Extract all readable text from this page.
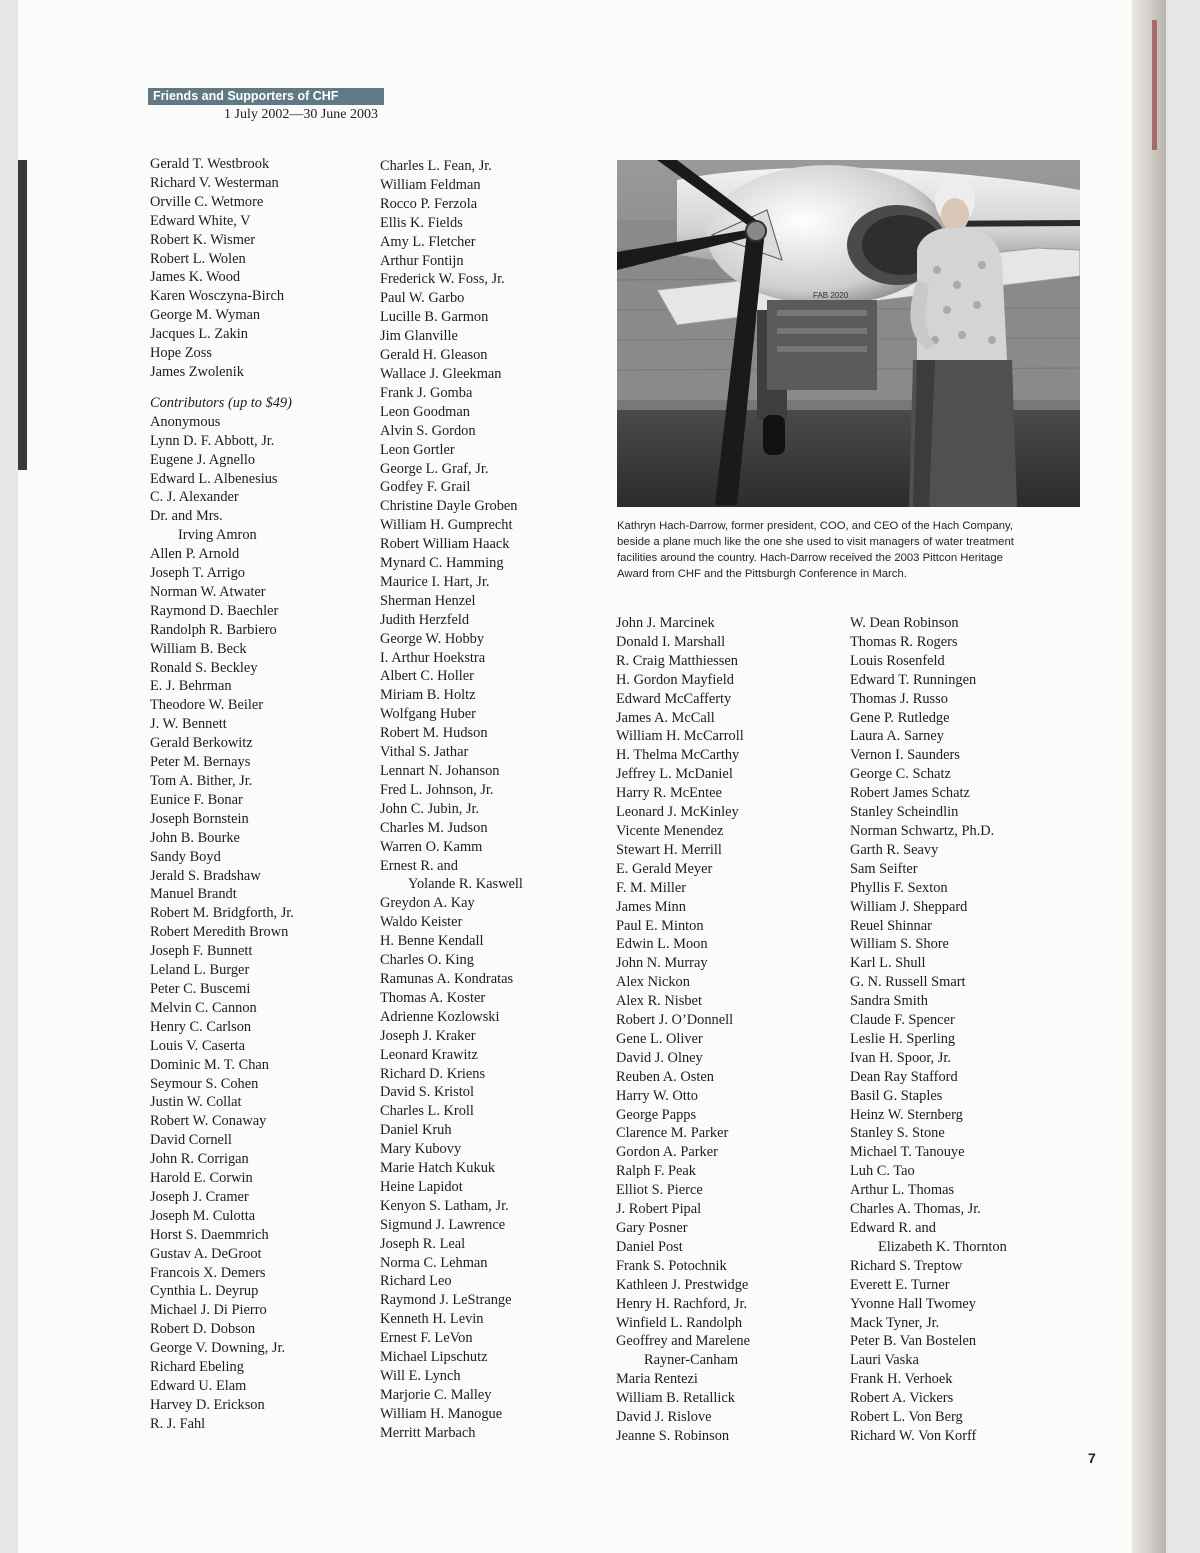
Friends and Supporters of CHF
1 July 2002—30 June 2003
Gerald T. Westbrook
Richard V. Westerman
Orville C. Wetmore
Edward White, V
Robert K. Wismer
Robert L. Wolen
James K. Wood
Karen Wosczyna-Birch
George M. Wyman
Jacques L. Zakin
Hope Zoss
James Zwolenik
Contributors (up to $49)
Anonymous
Lynn D. F. Abbott, Jr.
Eugene J. Agnello
Edward L. Albenesius
C. J. Alexander
Dr. and Mrs.
Irving Amron
Allen P. Arnold
Joseph T. Arrigo
Norman W. Atwater
Raymond D. Baechler
Randolph R. Barbiero
William B. Beck
Ronald S. Beckley
E. J. Behrman
Theodore W. Beiler
J. W. Bennett
Gerald Berkowitz
Peter M. Bernays
Tom A. Bither, Jr.
Eunice F. Bonar
Joseph Bornstein
John B. Bourke
Sandy Boyd
Jerald S. Bradshaw
Manuel Brandt
Robert M. Bridgforth, Jr.
Robert Meredith Brown
Joseph F. Bunnett
Leland L. Burger
Peter C. Buscemi
Melvin C. Cannon
Henry C. Carlson
Louis V. Caserta
Dominic M. T. Chan
Seymour S. Cohen
Justin W. Collat
Robert W. Conaway
David Cornell
John R. Corrigan
Harold E. Corwin
Joseph J. Cramer
Joseph M. Culotta
Horst S. Daemmrich
Gustav A. DeGroot
Francois X. Demers
Cynthia L. Deyrup
Michael J. Di Pierro
Robert D. Dobson
George V. Downing, Jr.
Richard Ebeling
Edward U. Elam
Harvey D. Erickson
R. J. Fahl
Charles L. Fean, Jr.
William Feldman
Rocco P. Ferzola
Ellis K. Fields
Amy L. Fletcher
Arthur Fontijn
Frederick W. Foss, Jr.
Paul W. Garbo
Lucille B. Garmon
Jim Glanville
Gerald H. Gleason
Wallace J. Gleekman
Frank J. Gomba
Leon Goodman
Alvin S. Gordon
Leon Gortler
George L. Graf, Jr.
Godfey F. Grail
Christine Dayle Groben
William H. Gumprecht
Robert William Haack
Mynard C. Hamming
Maurice I. Hart, Jr.
Sherman Henzel
Judith Herzfeld
George W. Hobby
I. Arthur Hoekstra
Albert C. Holler
Miriam B. Holtz
Wolfgang Huber
Robert M. Hudson
Vithal S. Jathar
Lennart N. Johanson
Fred L. Johnson, Jr.
John C. Jubin, Jr.
Charles M. Judson
Warren O. Kamm
Ernest R. and
Yolande R. Kaswell
Greydon A. Kay
Waldo Keister
H. Benne Kendall
Charles O. King
Ramunas A. Kondratas
Thomas A. Koster
Adrienne Kozlowski
Joseph J. Kraker
Leonard Krawitz
Richard D. Kriens
David S. Kristol
Charles L. Kroll
Daniel Kruh
Mary Kubovy
Marie Hatch Kukuk
Heine Lapidot
Kenyon S. Latham, Jr.
Sigmund J. Lawrence
Joseph R. Leal
Norma C. Lehman
Richard Leo
Raymond J. LeStrange
Kenneth H. Levin
Ernest F. LeVon
Michael Lipschutz
Will E. Lynch
Marjorie C. Malley
William H. Manogue
Merritt Marbach
FAB 2020
Kathryn Hach-Darrow, former president, COO, and CEO of the Hach Company, beside a plane much like the one she used to visit managers of water treatment facilities around the country. Hach-Darrow received the 2003 Pittcon Heritage Award from CHF and the Pittsburgh Conference in March.
John J. Marcinek
Donald I. Marshall
R. Craig Matthiessen
H. Gordon Mayfield
Edward McCafferty
James A. McCall
William H. McCarroll
H. Thelma McCarthy
Jeffrey L. McDaniel
Harry R. McEntee
Leonard J. McKinley
Vicente Menendez
Stewart H. Merrill
E. Gerald Meyer
F. M. Miller
James Minn
Paul E. Minton
Edwin L. Moon
John N. Murray
Alex Nickon
Alex R. Nisbet
Robert J. O’Donnell
Gene L. Oliver
David J. Olney
Reuben A. Osten
Harry W. Otto
George Papps
Clarence M. Parker
Gordon A. Parker
Ralph F. Peak
Elliot S. Pierce
J. Robert Pipal
Gary Posner
Daniel Post
Frank S. Potochnik
Kathleen J. Prestwidge
Henry H. Rachford, Jr.
Winfield L. Randolph
Geoffrey and Marelene
Rayner-Canham
Maria Rentezi
William B. Retallick
David J. Rislove
Jeanne S. Robinson
W. Dean Robinson
Thomas R. Rogers
Louis Rosenfeld
Edward T. Runningen
Thomas J. Russo
Gene P. Rutledge
Laura A. Sarney
Vernon I. Saunders
George C. Schatz
Robert James Schatz
Stanley Scheindlin
Norman Schwartz, Ph.D.
Garth R. Seavy
Sam Seifter
Phyllis F. Sexton
William J. Sheppard
Reuel Shinnar
William S. Shore
Karl L. Shull
G. N. Russell Smart
Sandra Smith
Claude F. Spencer
Leslie H. Sperling
Ivan H. Spoor, Jr.
Dean Ray Stafford
Basil G. Staples
Heinz W. Sternberg
Stanley S. Stone
Michael T. Tanouye
Luh C. Tao
Arthur L. Thomas
Charles A. Thomas, Jr.
Edward R. and
Elizabeth K. Thornton
Richard S. Treptow
Everett E. Turner
Yvonne Hall Twomey
Mack Tyner, Jr.
Peter B. Van Bostelen
Lauri Vaska
Frank H. Verhoek
Robert A. Vickers
Robert L. Von Berg
Richard W. Von Korff
7
